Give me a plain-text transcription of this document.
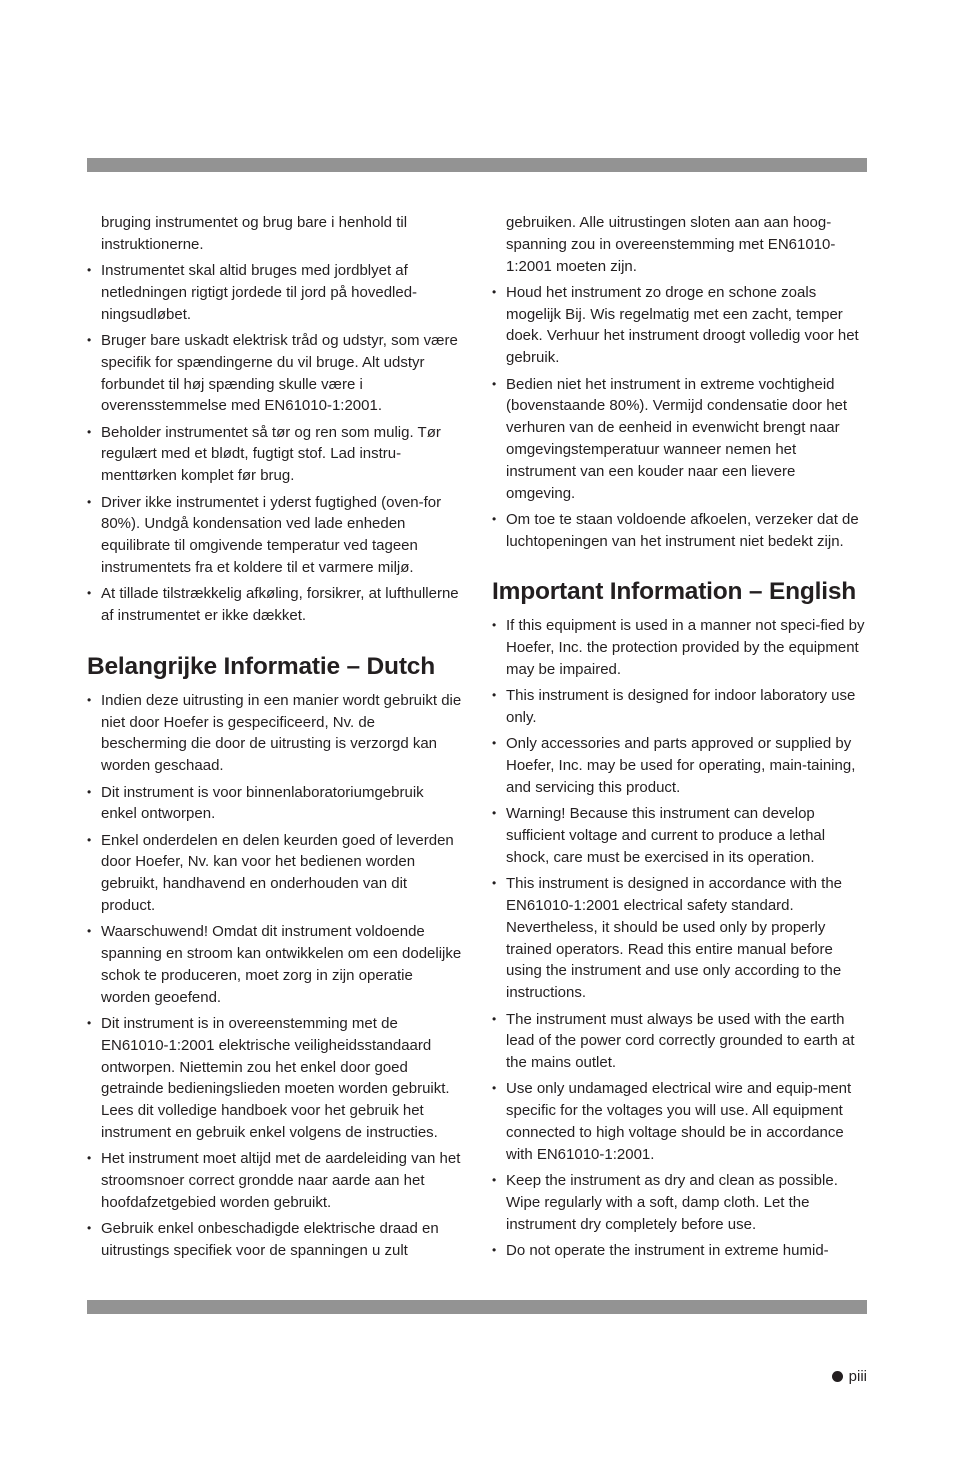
bruging instrumentet og brug bare i henhold til instruktionerne.

• Instrumentet skal altid bruges med jordblyet af netledningen rigtigt jordede til jord på hovedled-ningsudløbet.

• Bruger bare uskadt elektrisk tråd og udstyr, som være specifik for spændingerne du vil bruge. Alt udstyr forbundet til høj spænding skulle være i overensstemmelse med EN61010-1:2001.

• Beholder instrumentet så tør og ren som mulig. Tør regulært med et blødt, fugtigt stof. Lad instru-menttørken komplet før brug.

• Driver ikke instrumentet i yderst fugtighed (oven-for 80%). Undgå kondensation ved lade enheden equilibrate til omgivende temperatur ved tageen instrumentets fra et koldere til et varmere miljø.

• At tillade tilstrækkelig afkøling, forsikrer, at lufthullerne af instrumentet er ikke dækket.

Belangrijke Informatie – Dutch

• Indien deze uitrusting in een manier wordt gebruikt die niet door Hoefer is gespecificeerd, Nv. de bescherming die door de uitrusting is verzorgd kan worden geschaad.

• Dit instrument is voor binnenlaboratoriumgebruik enkel ontworpen.

• Enkel onderdelen en delen keurden goed of leverden door Hoefer, Nv. kan voor het bedienen worden gebruikt, handhavend en onderhouden van dit product.

• Waarschuwend! Omdat dit instrument voldoende spanning en stroom kan ontwikkelen om een dodelijke schok te produceren, moet zorg in zijn operatie worden geoefend.

• Dit instrument is in overeenstemming met de EN61010-1:2001 elektrische veiligheidsstandaard ontworpen. Niettemin zou het enkel door goed getrainde bedieningslieden moeten worden gebruikt. Lees dit volledige handboek voor het gebruik het instrument en gebruik enkel volgens de instructies.

• Het instrument moet altijd met de aardeleiding van het stroomsnoer correct grondde naar aarde aan het hoofdafzetgebied worden gebruikt.

• Gebruik enkel onbeschadigde elektrische draad en uitrustings specifiek voor de spanningen u zult

gebruiken. Alle uitrustingen sloten aan aan hoog-spanning zou in overeenstemming met EN61010-1:2001 moeten zijn.

• Houd het instrument zo droge en schone zoals mogelijk Bij. Wis regelmatig met een zacht, temper doek. Verhuur het instrument droogt volledig voor het gebruik.

• Bedien niet het instrument in extreme vochtigheid (bovenstaande 80%). Vermijd condensatie door het verhuren van de eenheid in evenwicht brengt naar omgevingstemperatuur wanneer nemen het instrument van een kouder naar een lievere omgeving.

• Om toe te staan voldoende afkoelen, verzeker dat de luchtopeningen van het instrument niet bedekt zijn.

Important Information – English

• If this equipment is used in a manner not speci-fied by Hoefer, Inc. the protection provided by the equipment may be impaired.

• This instrument is designed for indoor laboratory use only.

• Only accessories and parts approved or supplied by Hoefer, Inc. may be used for operating, main-taining, and servicing this product.

• Warning! Because this instrument can develop sufficient voltage and current to produce a lethal shock, care must be exercised in its operation.

• This instrument is designed in accordance with the EN61010-1:2001 electrical safety standard. Nevertheless, it should be used only by properly trained operators. Read this entire manual before using the instrument and use only according to the instructions.

• The instrument must always be used with the earth lead of the power cord correctly grounded to earth at the mains outlet.

• Use only undamaged electrical wire and equip-ment specific for the voltages you will use. All equipment connected to high voltage should be in accordance with EN61010-1:2001.

• Keep the instrument as dry and clean as possible. Wipe regularly with a soft, damp cloth. Let the instrument dry completely before use.

• Do not operate the instrument in extreme humid-

piii
